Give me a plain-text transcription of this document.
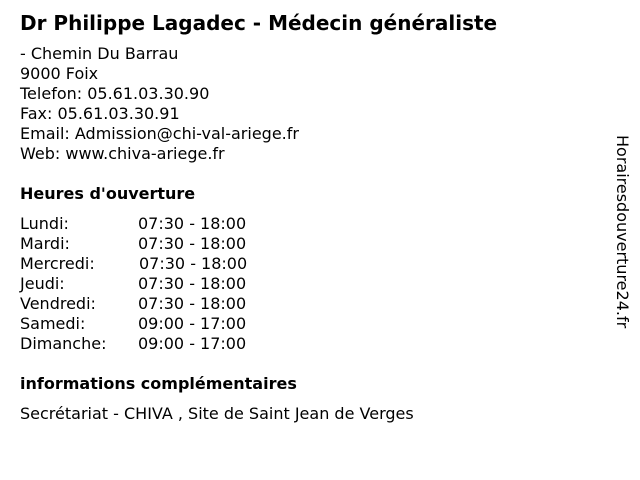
Dr Philippe Lagadec - Médecin généraliste
- Chemin Du Barrau
9000 Foix
Telefon: 05.61.03.30.90
Fax: 05.61.03.30.91
Email: Admission@chi-val-ariege.fr
Web: www.chiva-ariege.fr
Heures d'ouverture
Lundi:	07:30 - 18:00
Mardi:	07:30 - 18:00
Mercredi:	07:30 - 18:00
Jeudi:	07:30 - 18:00
Vendredi:	07:30 - 18:00
Samedi:	09:00 - 17:00
Dimanche: 09:00 - 17:00
informations complémentaires
Secrétariat - CHIVA , Site de Saint Jean de Verges
Horairesdouverture24.fr
